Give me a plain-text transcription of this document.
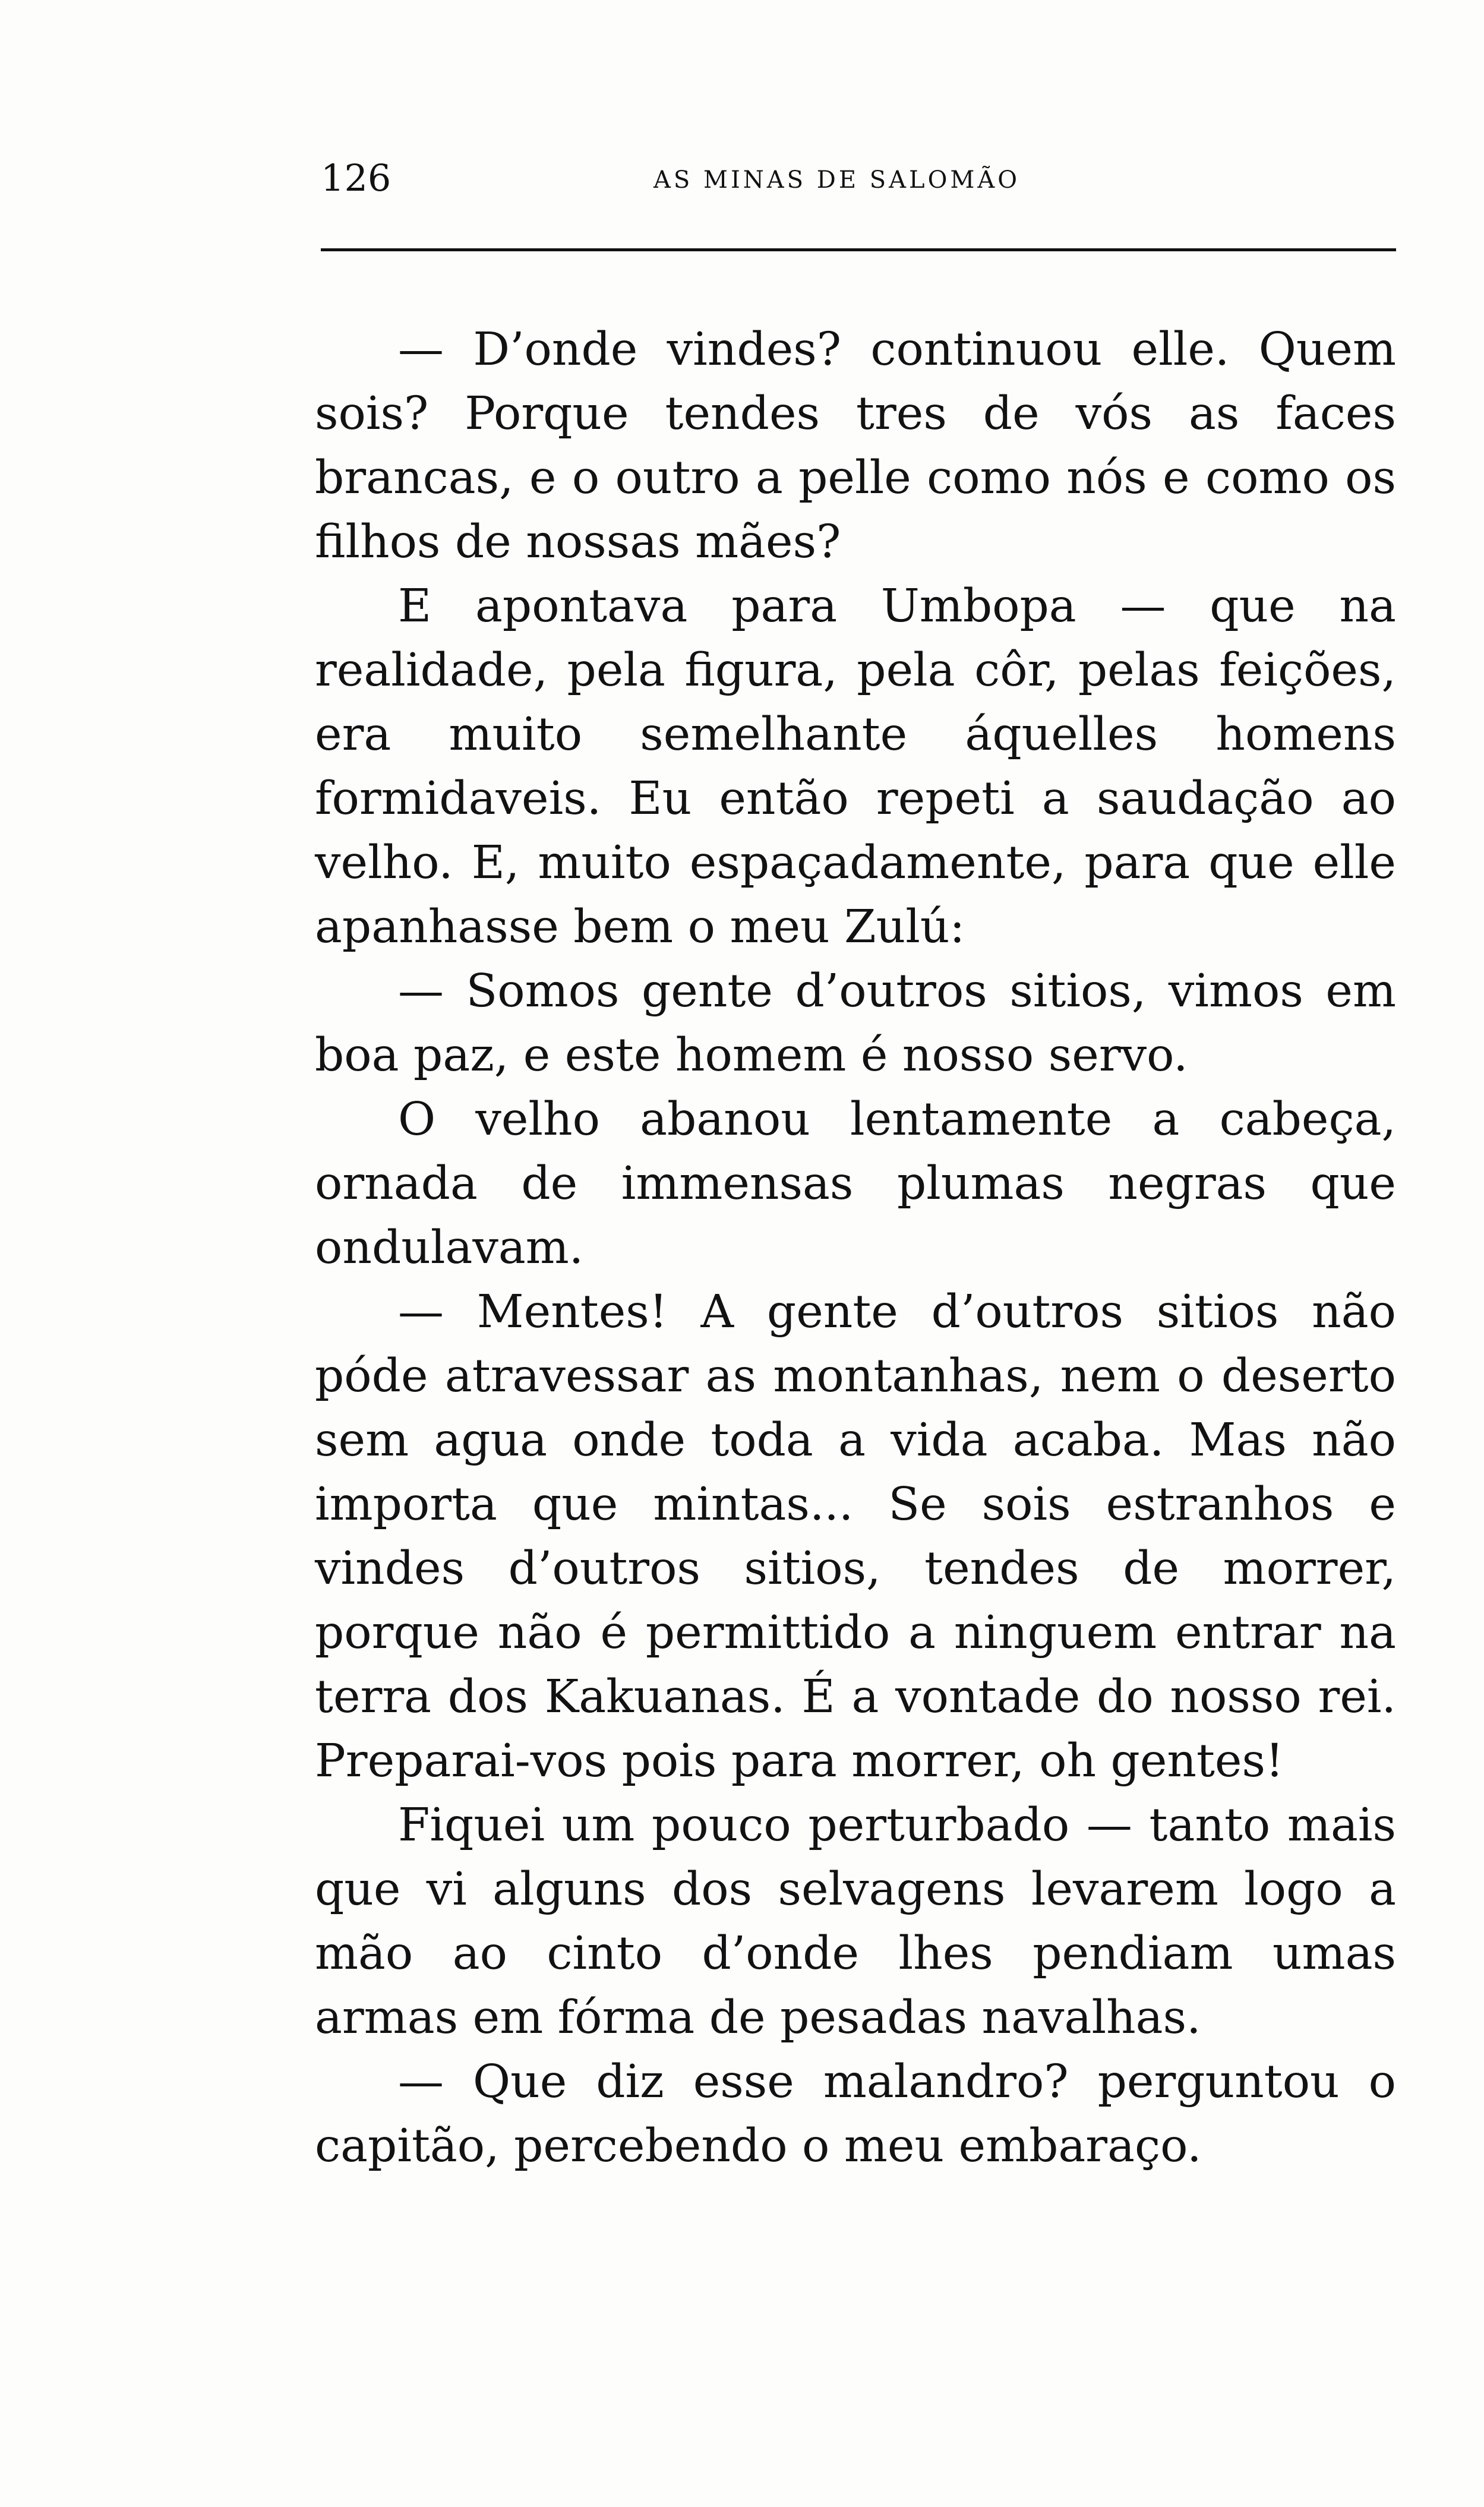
126	AS MINAS DE SALOMÃO

— D’onde vindes? continuou elle. Quem sois? Porque tendes tres de vós as faces brancas, e o outro a pelle como nós e como os filhos de nossas mães?

E apontava para Umbopa — que na realidade, pela figura, pela côr, pelas feições, era muito semelhante áquelles homens formidaveis. Eu então repeti a saudação ao velho. E, muito espaçadamente, para que elle apanhasse bem o meu Zulú:

— Somos gente d’outros sitios, vimos em boa paz, e este homem é nosso servo.

O velho abanou lentamente a cabeça, ornada de immensas plumas negras que ondulavam.

— Mentes! A gente d’outros sitios não póde atravessar as montanhas, nem o deserto sem agua onde toda a vida acaba. Mas não importa que mintas... Se sois estranhos e vindes d’outros sitios, tendes de morrer, porque não é permittido a ninguem entrar na terra dos Kakuanas. É a vontade do nosso rei. Preparai-vos pois para morrer, oh gentes!

Fiquei um pouco perturbado — tanto mais que vi alguns dos selvagens levarem logo a mão ao cinto d’onde lhes pendiam umas armas em fórma de pesadas navalhas.

— Que diz esse malandro? perguntou o capitão, percebendo o meu embaraço.
